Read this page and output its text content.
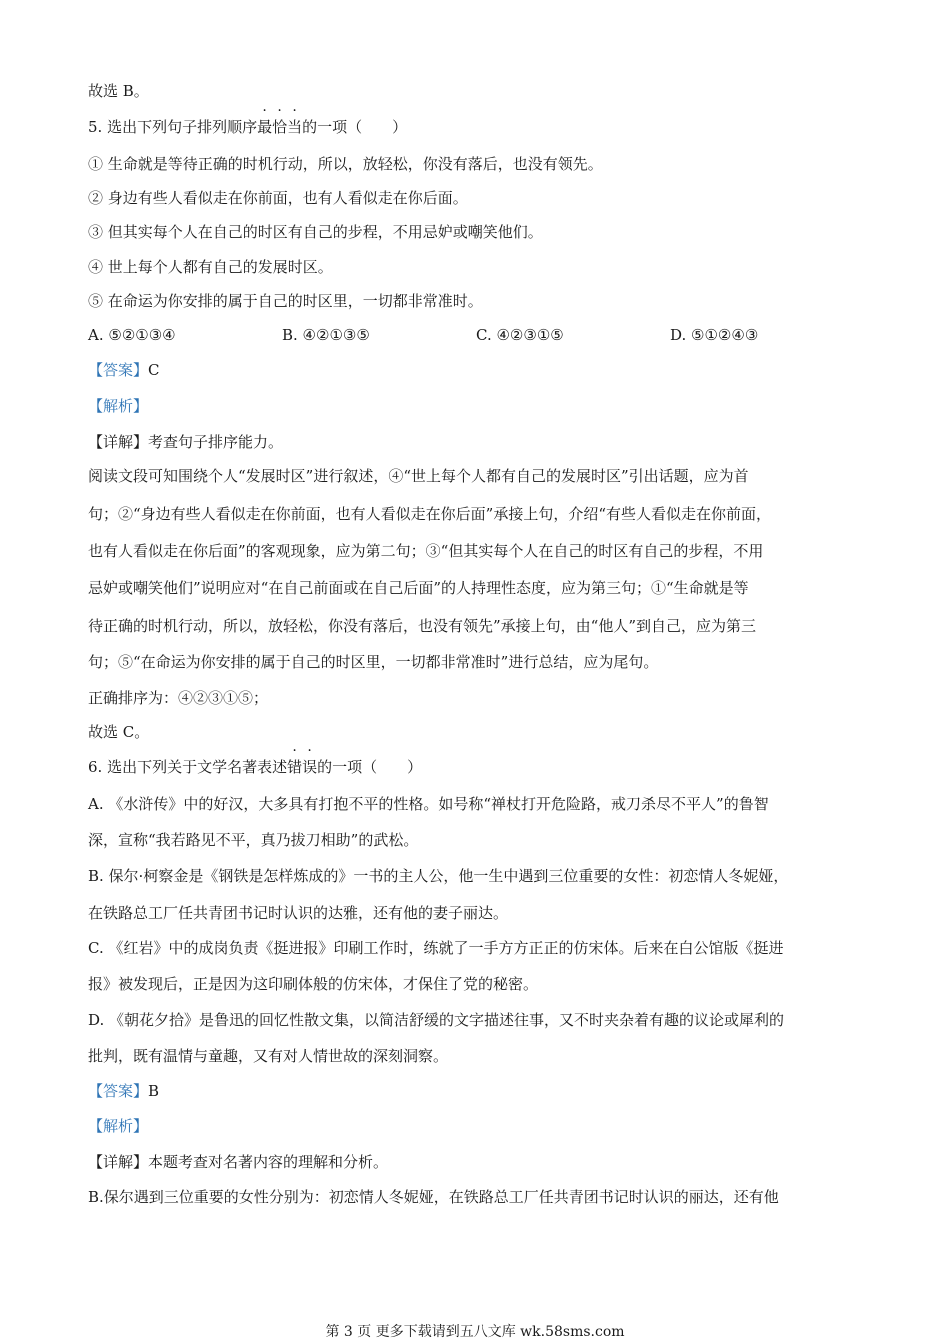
故选 B。
5. 选出下列句子排列顺序最恰当的一项（　　）
① 生命就是等待正确的时机行动，所以，放轻松，你没有落后，也没有领先。
② 身边有些人看似走在你前面，也有人看似走在你后面。
③ 但其实每个人在自己的时区有自己的步程，不用忌妒或嘲笑他们。
④ 世上每个人都有自己的发展时区。
⑤ 在命运为你安排的属于自己的时区里，一切都非常准时。
A. ⑤②①③④	B. ④②①③⑤	C. ④②③①⑤	D. ⑤①②④③
【答案】C
【解析】
【详解】考查句子排序能力。
阅读文段可知围绕个人“发展时区”进行叙述，④“世上每个人都有自己的发展时区”引出话题，应为首
句；②“身边有些人看似走在你前面，也有人看似走在你后面”承接上句，介绍“有些人看似走在你前面，
也有人看似走在你后面”的客观现象，应为第二句；③“但其实每个人在自己的时区有自己的步程，不用
忌妒或嘲笑他们”说明应对“在自己前面或在自己后面”的人持理性态度，应为第三句；①“生命就是等
待正确的时机行动，所以，放轻松，你没有落后，也没有领先”承接上句，由“他人”到自己，应为第三
句；⑤“在命运为你安排的属于自己的时区里，一切都非常准时”进行总结，应为尾句。
正确排序为：④②③①⑤；
故选 C。
6. 选出下列关于文学名著表述错误的一项（　　）
A. 《水浒传》中的好汉，大多具有打抱不平的性格。如号称“禅杖打开危险路，戒刀杀尽不平人”的鲁智
深，宣称“我若路见不平，真乃拔刀相助”的武松。
B. 保尔·柯察金是《钢铁是怎样炼成的》一书的主人公，他一生中遇到三位重要的女性：初恋情人冬妮娅，
在铁路总工厂任共青团书记时认识的达雅，还有他的妻子丽达。
C. 《红岩》中的成岗负责《挺进报》印刷工作时，练就了一手方方正正的仿宋体。后来在白公馆版《挺进
报》被发现后，正是因为这印刷体般的仿宋体，才保住了党的秘密。
D. 《朝花夕拾》是鲁迅的回忆性散文集，以简洁舒缓的文字描述往事，又不时夹杂着有趣的议论或犀利的
批判，既有温情与童趣，又有对人情世故的深刻洞察。
【答案】B
【解析】
【详解】本题考查对名著内容的理解和分析。
B.保尔遇到三位重要的女性分别为：初恋情人冬妮娅，在铁路总工厂任共青团书记时认识的丽达，还有他
第 3 页 更多下载请到五八文库 wk.58sms.com
